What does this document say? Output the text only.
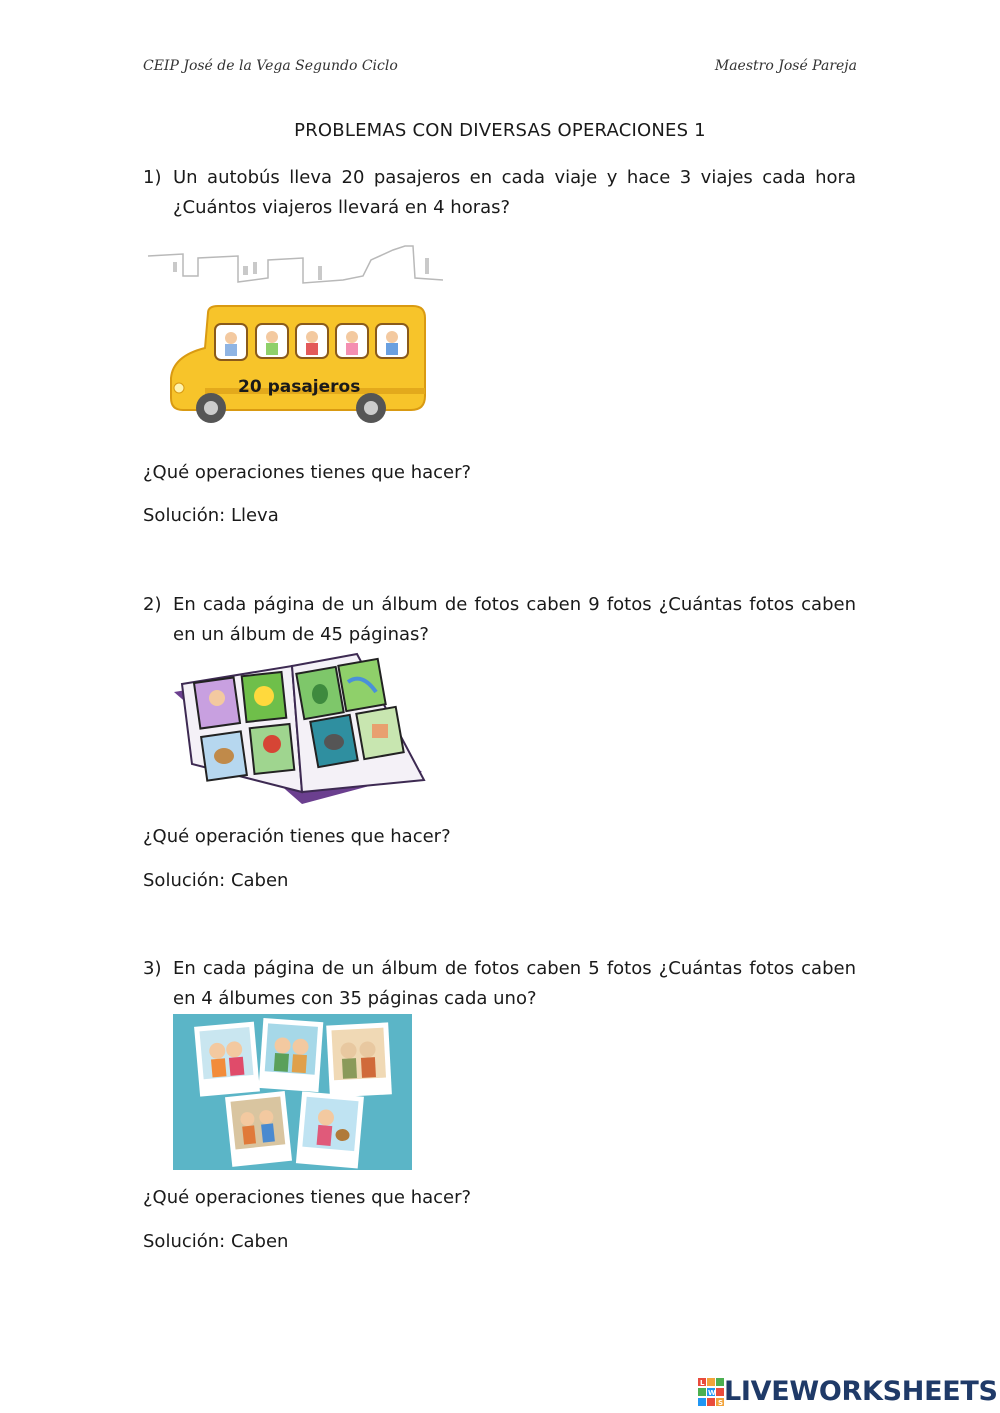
CEIP José de la Vega Segundo Ciclo	Maestro José Pareja
PROBLEMAS CON DIVERSAS OPERACIONES 1
1) Un autobús lleva 20 pasajeros en cada viaje y hace 3 viajes cada hora ¿Cuántos viajeros llevará en 4 horas?
20 pasajeros
¿Qué operaciones tienes que hacer?
Solución: Lleva
2) En cada página de un álbum de fotos caben 9 fotos ¿Cuántas fotos caben en un álbum de 45 páginas?
¿Qué operación tienes que hacer?
Solución: Caben
3) En cada página de un álbum de fotos caben 5 fotos ¿Cuántas fotos caben en 4 álbumes con 35 páginas cada uno?
¿Qué operaciones tienes que hacer?
Solución: Caben
L
W
S LIVEWORKSHEETS
